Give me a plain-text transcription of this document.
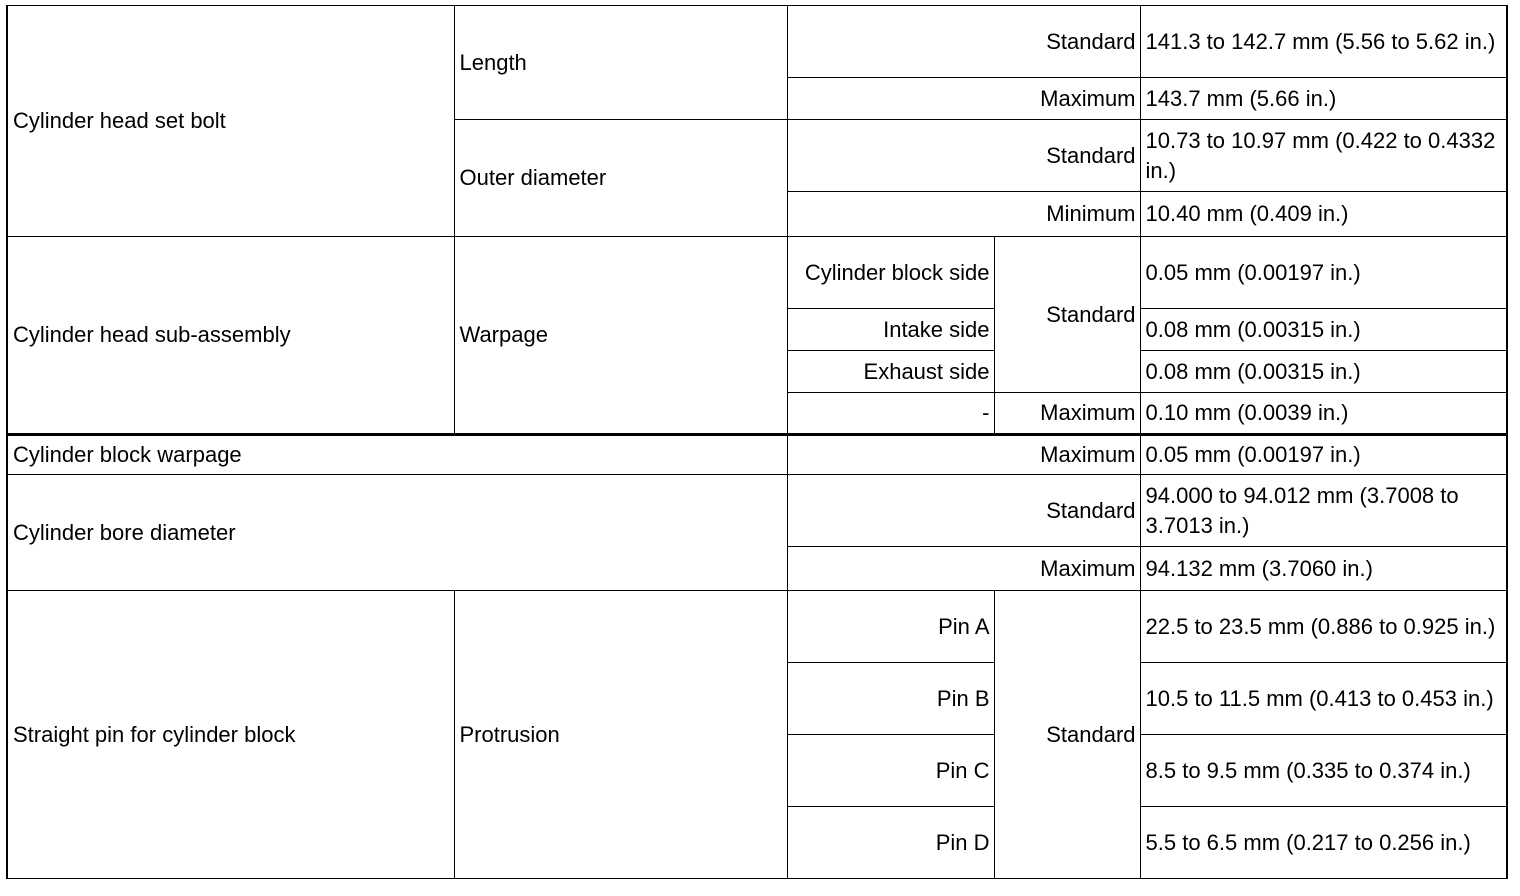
Cylinder head set bolt	Length	Standard		141.3 to 142.7 mm (5.56 to 5.62 in.)
		Maximum		143.7 mm (5.66 in.)
	Outer diameter	Standard		10.73 to 10.97 mm (0.422 to 0.4332 in.)
		Minimum		10.40 mm (0.409 in.)
Cylinder head sub-assembly	Warpage	Cylinder block side	Standard	0.05 mm (0.00197 in.)
		Intake side		0.08 mm (0.00315 in.)
		Exhaust side		0.08 mm (0.00315 in.)
		-	Maximum	0.10 mm (0.0039 in.)
Cylinder block warpage		Maximum		0.05 mm (0.00197 in.)
Cylinder bore diameter		Standard		94.000 to 94.012 mm (3.7008 to 3.7013 in.)
		Maximum		94.132 mm (3.7060 in.)
Straight pin for cylinder block	Protrusion	Pin A	Standard	22.5 to 23.5 mm (0.886 to 0.925 in.)
		Pin B		10.5 to 11.5 mm (0.413 to 0.453 in.)
		Pin C		8.5 to 9.5 mm (0.335 to 0.374 in.)
		Pin D		5.5 to 6.5 mm (0.217 to 0.256 in.)
